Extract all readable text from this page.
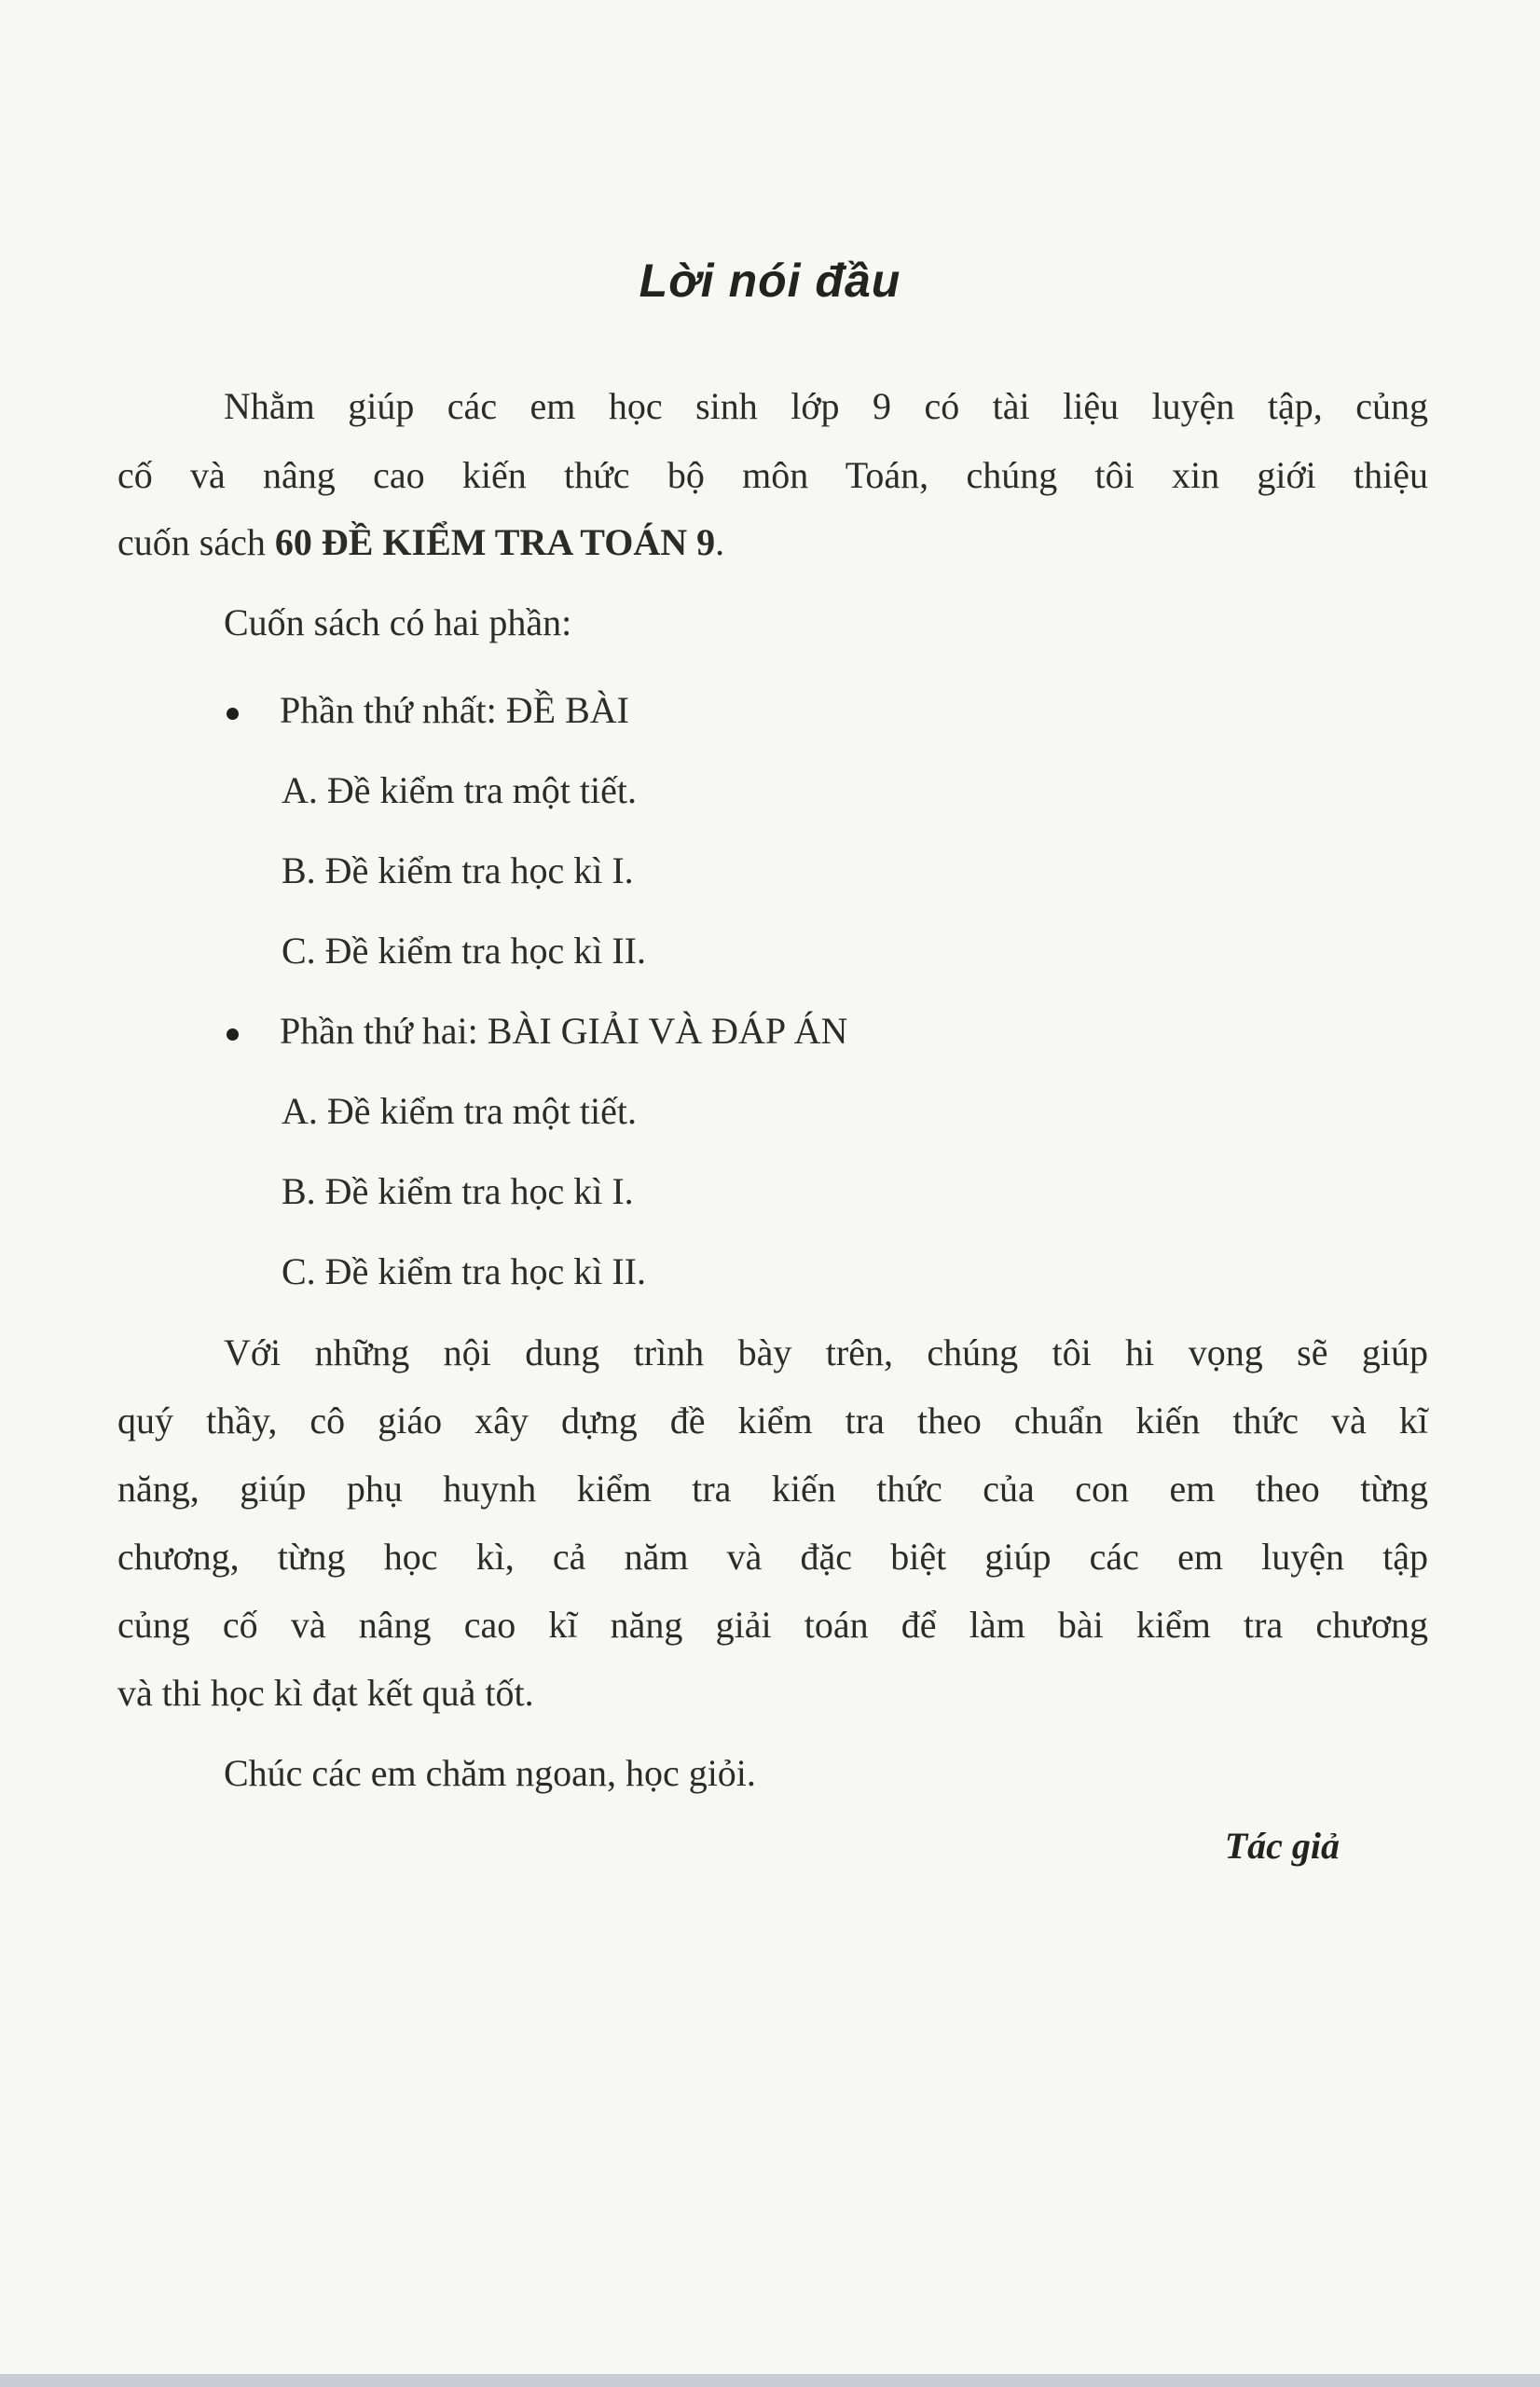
Lời nói đầu
Nhằm giúp các em học sinh lớp 9 có tài liệu luyện tập, củng
cố và nâng cao kiến thức bộ môn Toán, chúng tôi xin giới thiệu
cuốn sách 60 ĐỀ KIỂM TRA TOÁN 9.
Cuốn sách có hai phần:
Phần thứ nhất: ĐỀ BÀI
A. Đề kiểm tra một tiết.
B. Đề kiểm tra học kì I.
C. Đề kiểm tra học kì II.
Phần thứ hai: BÀI GIẢI VÀ ĐÁP ÁN
A. Đề kiểm tra một tiết.
B. Đề kiểm tra học kì I.
C. Đề kiểm tra học kì II.
Với những nội dung trình bày trên, chúng tôi hi vọng sẽ giúp
quý thầy, cô giáo xây dựng đề kiểm tra theo chuẩn kiến thức và kĩ
năng, giúp phụ huynh kiểm tra kiến thức của con em theo từng
chương, từng học kì, cả năm và đặc biệt giúp các em luyện tập
củng cố và nâng cao kĩ năng giải toán để làm bài kiểm tra chương
và thi học kì đạt kết quả tốt.
Chúc các em chăm ngoan, học giỏi.
Tác giả
